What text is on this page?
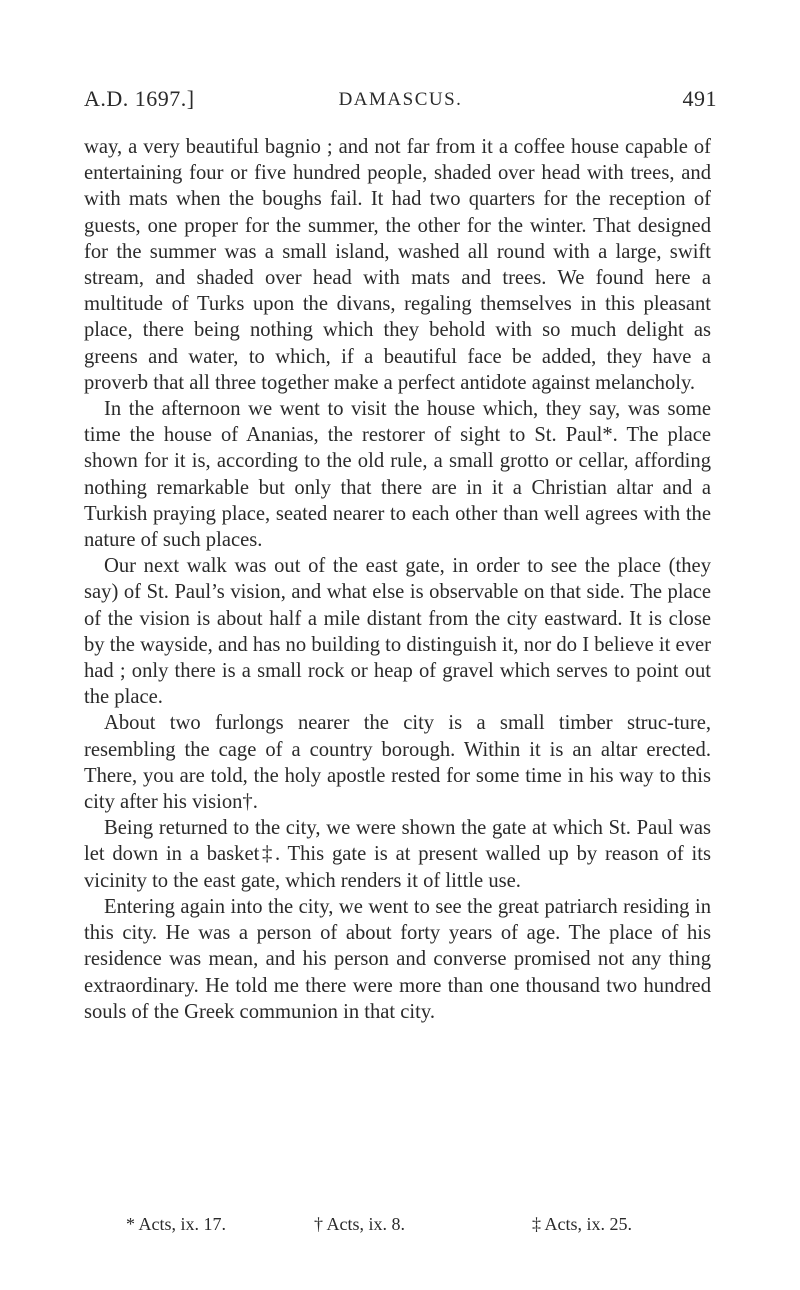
A.D. 1697.]	DAMASCUS.	491

way, a very beautiful bagnio ; and not far from it a coffee house capable of entertaining four or five hundred people, shaded over head with trees, and with mats when the boughs fail. It had two quarters for the reception of guests, one proper for the summer, the other for the winter. That designed for the summer was a small island, washed all round with a large, swift stream, and shaded over head with mats and trees. We found here a multitude of Turks upon the divans, regaling themselves in this pleasant place, there being nothing which they behold with so much delight as greens and water, to which, if a beautiful face be added, they have a proverb that all three together make a perfect antidote against melancholy.

In the afternoon we went to visit the house which, they say, was some time the house of Ananias, the restorer of sight to St. Paul*. The place shown for it is, according to the old rule, a small grotto or cellar, affording nothing remarkable but only that there are in it a Christian altar and a Turkish praying place, seated nearer to each other than well agrees with the nature of such places.

Our next walk was out of the east gate, in order to see the place (they say) of St. Paul’s vision, and what else is observable on that side. The place of the vision is about half a mile distant from the city eastward. It is close by the wayside, and has no building to distinguish it, nor do I believe it ever had ; only there is a small rock or heap of gravel which serves to point out the place.

About two furlongs nearer the city is a small timber struc-ture, resembling the cage of a country borough. Within it is an altar erected. There, you are told, the holy apostle rested for some time in his way to this city after his vision†.

Being returned to the city, we were shown the gate at which St. Paul was let down in a basket‡. This gate is at present walled up by reason of its vicinity to the east gate, which renders it of little use.

Entering again into the city, we went to see the great patriarch residing in this city. He was a person of about forty years of age. The place of his residence was mean, and his person and converse promised not any thing extraordinary. He told me there were more than one thousand two hundred souls of the Greek communion in that city.

* Acts, ix. 17.	† Acts, ix. 8.	‡ Acts, ix. 25.
